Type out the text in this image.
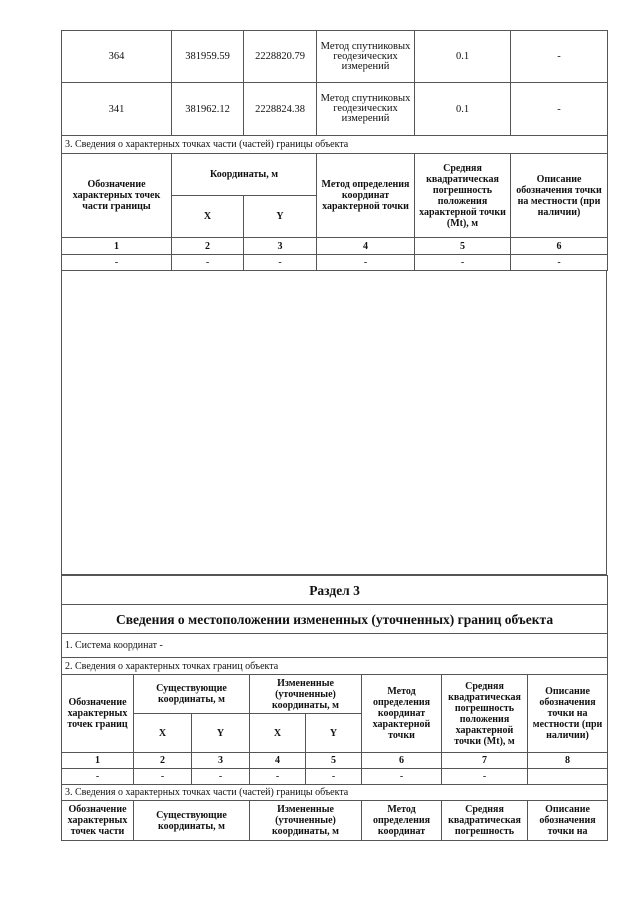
364	381959.59	2228820.79	Метод спутниковых геодезических измерений	0.1	-
341	381962.12	2228824.38	Метод спутниковых геодезических измерений	0.1	-
3. Сведения о характерных точках части (частей) границы объекта					
Обозначение характерных точек части границы	Координаты, м		Метод определения координат характерной точки	Средняя квадратическая погрешность положения характерной точки (Mt), м	Описание обозначения точки на местности (при наличии)
	X	Y			
1	2	3	4	5	6
-	-	-	-	-	-
Раздел 3							
Сведения о местоположении измененных (уточненных) границ объекта							
1. Система координат -							
2. Сведения о характерных точках границ объекта							
Обозначение характерных точек границ	Существующие координаты, м		Измененные (уточненные) координаты, м		Метод определения координат характерной точки	Средняя квадратическая погрешность положения характерной точки (Mt), м	Описание обозначения точки на местности (при наличии)
	X	Y	X	Y			
1	2	3	4	5	6	7	8
-	-	-	-	-	-	-	
3. Сведения о характерных точках части (частей) границы объекта							
Обозначение характерных точек части	Существующие координаты, м		Измененные (уточненные) координаты, м		Метод определения координат	Средняя квадратическая погрешность	Описание обозначения точки на
